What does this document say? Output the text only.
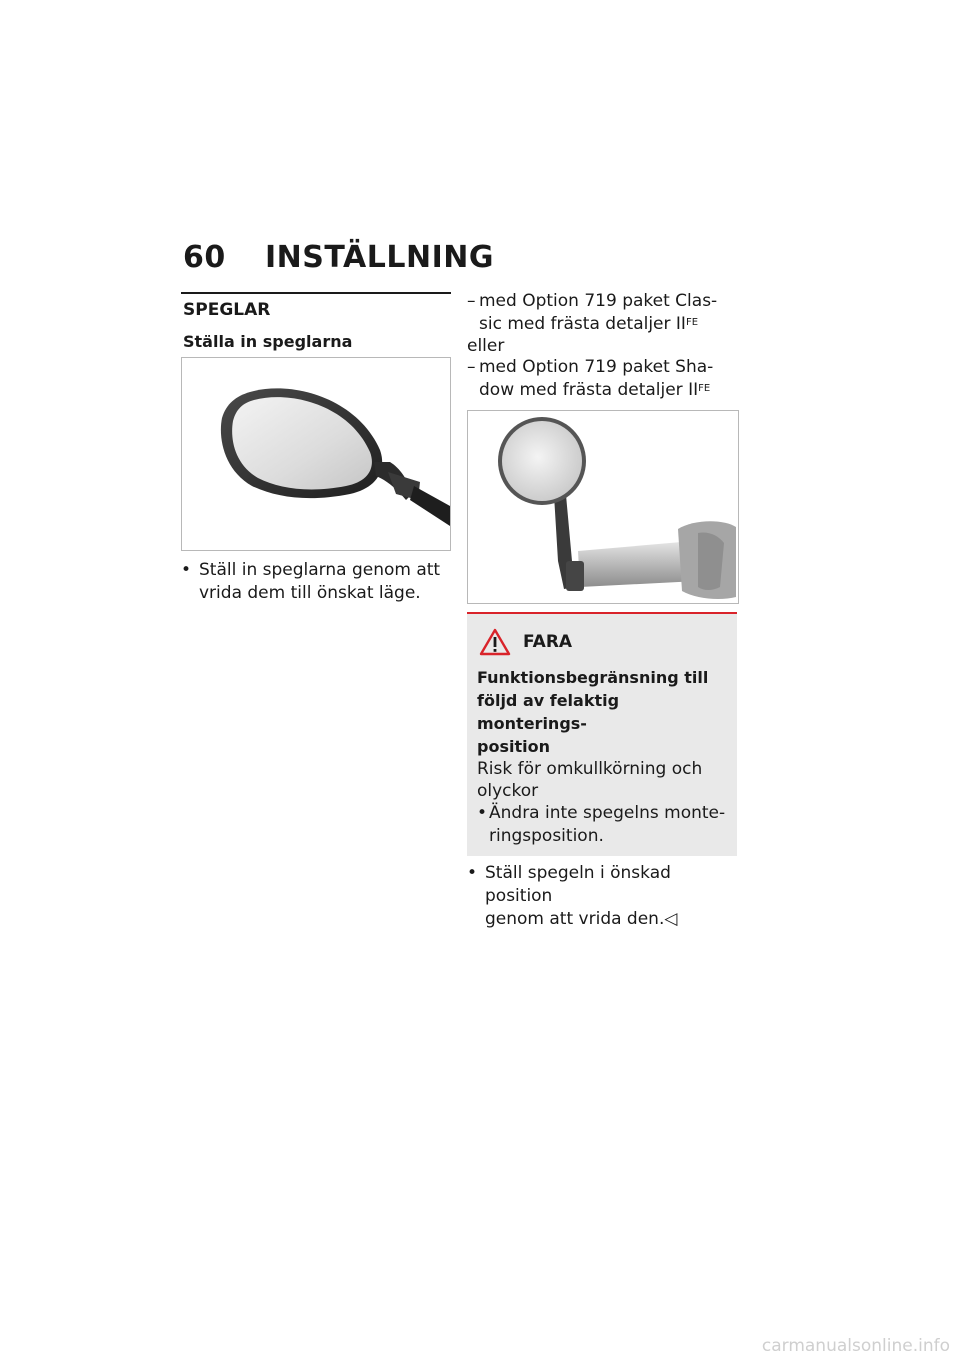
60 INSTÄLLNING
SPEGLAR
Ställa in speglarna
• Ställ in speglarna genom att
vrida dem till önskat läge.
– med Option 719 paket Clas-
sic med frästa detaljer $II^{FE}$
eller
– med Option 719 paket Sha-
dow med frästa detaljer $II^{FE}$
FARA
Funktionsbegränsning till
följd av felaktig monterings-
position
Risk för omkullkörning och
olyckor
• Ändra inte spegelns monte-
ringsposition.
• Ställ spegeln i önskad position
genom att vrida den.◁
carmanualsonline.info
